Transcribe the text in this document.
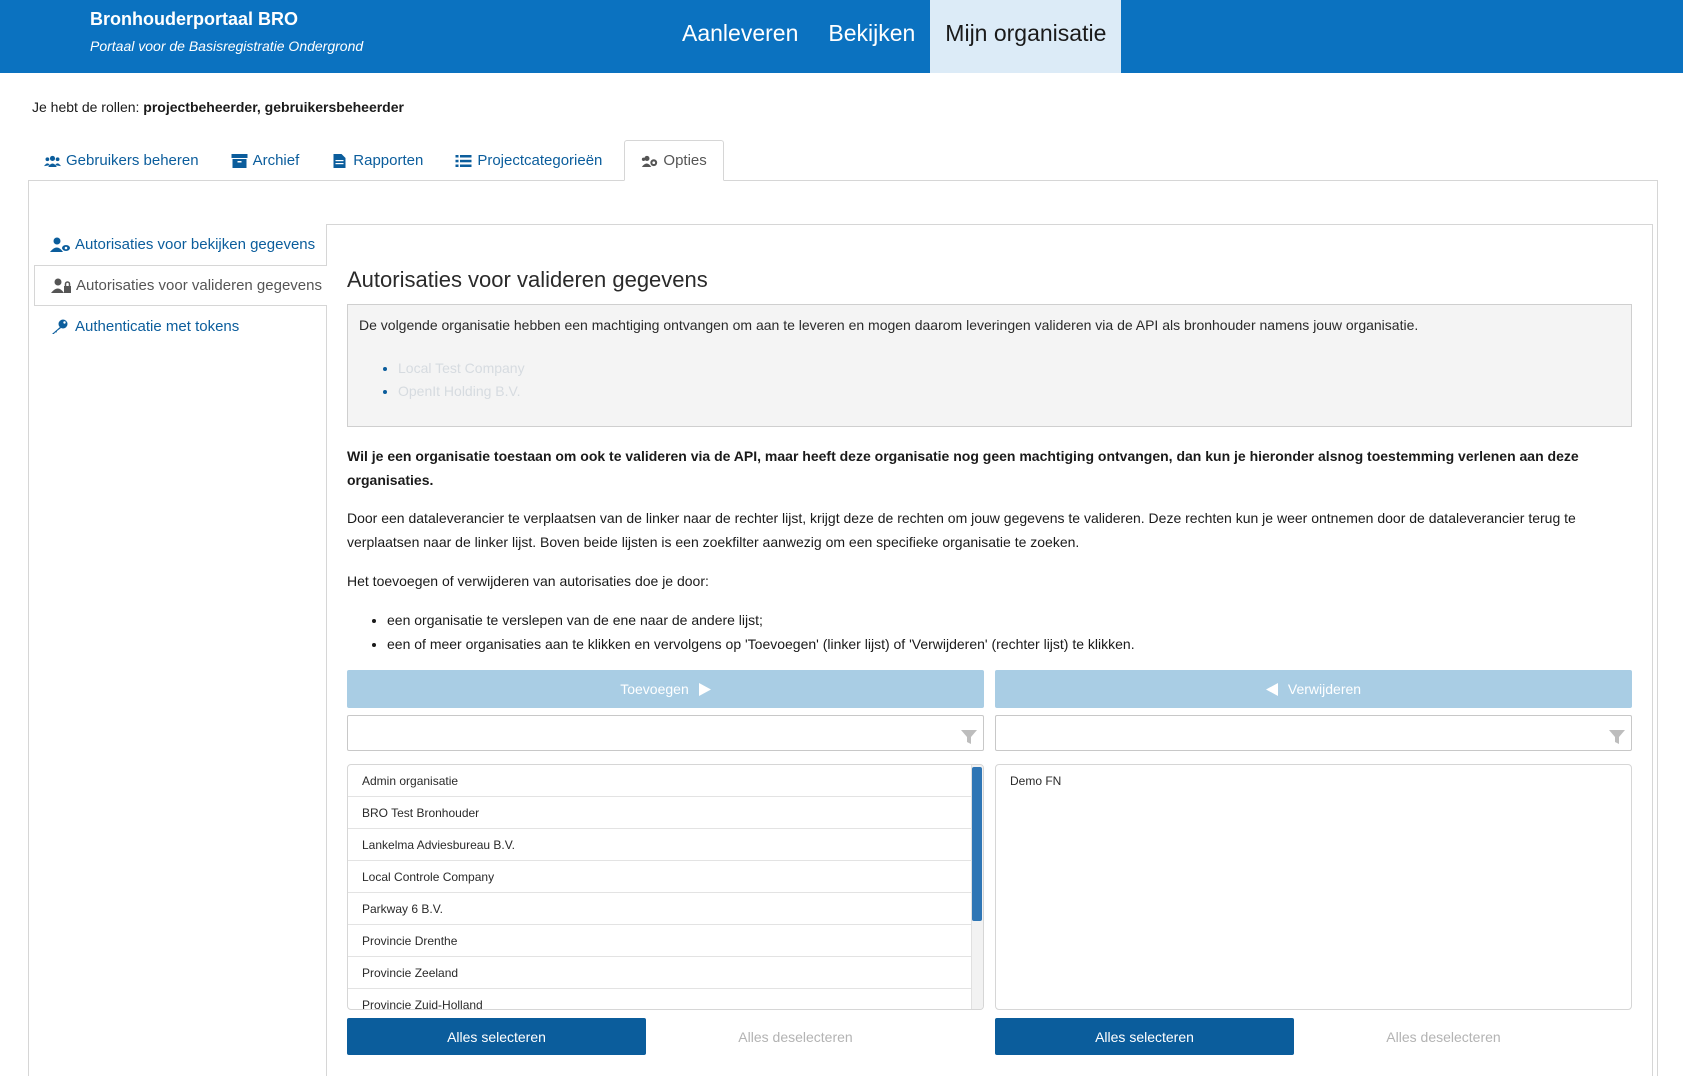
Bronhouderportaal BRO
Portaal voor de Basisregistratie Ondergrond	Aanleveren	Bekijken	Mijn organisatie
Je hebt de rollen: projectbeheerder, gebruikersbeheerder
Gebruikers beheren	Archief	Rapporten	Projectcategorieën	Opties
Autorisaties voor bekijken gegevens
Autorisaties voor valideren gegevens
Authenticatie met tokens
Autorisaties voor valideren gegevens

De volgende organisatie hebben een machtiging ontvangen om aan te leveren en mogen daarom leveringen valideren via de API als bronhouder namens jouw organisatie.

• Local Test Company
• OpenIt Holding B.V.

Wil je een organisatie toestaan om ook te valideren via de API, maar heeft deze organisatie nog geen machtiging ontvangen, dan kun je hieronder alsnog toestemming verlenen aan deze organisaties.

Door een dataleverancier te verplaatsen van de linker naar de rechter lijst, krijgt deze de rechten om jouw gegevens te valideren. Deze rechten kun je weer ontnemen door de dataleverancier terug te verplaatsen naar de linker lijst. Boven beide lijsten is een zoekfilter aanwezig om een specifieke organisatie te zoeken.

Het toevoegen of verwijderen van autorisaties doe je door:

• een organisatie te verslepen van de ene naar de andere lijst;
• een of meer organisaties aan te klikken en vervolgens op 'Toevoegen' (linker lijst) of 'Verwijderen' (rechter lijst) te klikken.
Toevoegen	Verwijderen
Admin organisatie
BRO Test Bronhouder
Lankelma Adviesbureau B.V.
Local Controle Company
Parkway 6 B.V.
Provincie Drenthe
Provincie Zeeland
Provincie Zuid-Holland
Demo FN
Alles selecteren	Alles deselecteren	Alles selecteren	Alles deselecteren
